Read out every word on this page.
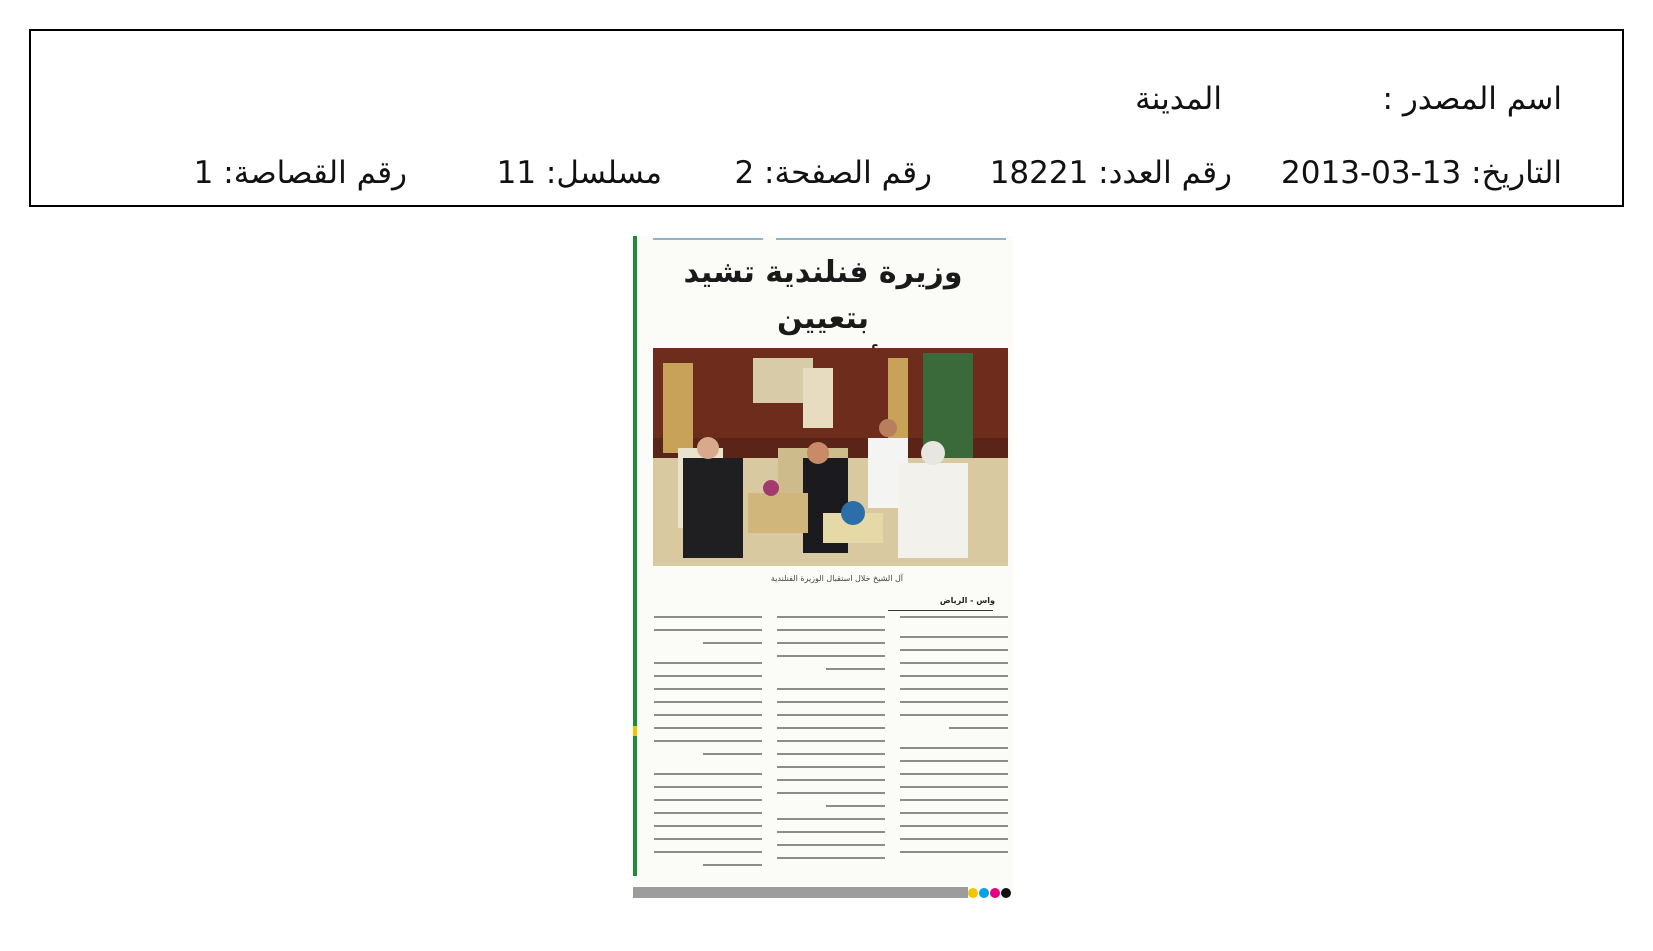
اسم المصدر :
المدينة
التاريخ: 13-03-2013
رقم العدد: 18221
رقم الصفحة: 2
مسلسل: 11
رقم القصاصة: 1
وزيرة فنلندية تشيد بتعيين
آل الشيخ خلال استقبال الوزيرة الفنلندية
واس - الرياض
